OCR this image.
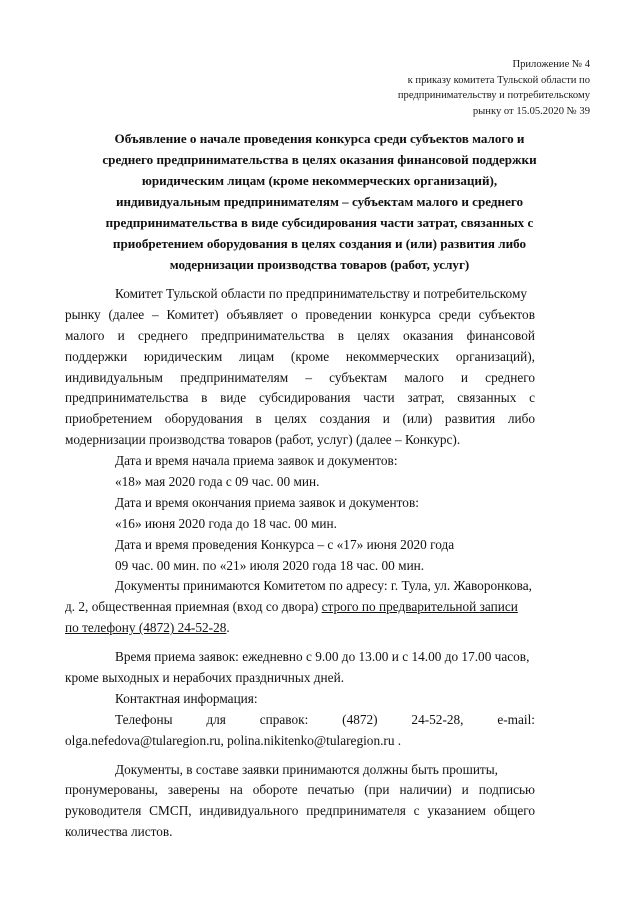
Приложение № 4
к приказу комитета Тульской области по
предпринимательству и потребительскому
рынку от 15.05.2020 № 39
Объявление о начале проведения конкурса среди субъектов малого и
среднего предпринимательства в целях оказания финансовой поддержки
юридическим лицам (кроме некоммерческих организаций),
индивидуальным предпринимателям – субъектам малого и среднего
предпринимательства в виде субсидирования части затрат, связанных с
приобретением оборудования в целях создания и (или) развития либо
модернизации производства товаров (работ, услуг)
Комитет Тульской области по предпринимательству и потребительскому
рынку (далее – Комитет) объявляет о проведении конкурса среди субъектов
малого и среднего предпринимательства в целях оказания финансовой
поддержки юридическим лицам (кроме некоммерческих организаций),
индивидуальным предпринимателям – субъектам малого и среднего
предпринимательства в виде субсидирования части затрат, связанных с
приобретением оборудования в целях создания и (или) развития либо
модернизации производства товаров (работ, услуг) (далее – Конкурс).
Дата и время начала приема заявок и документов:
«18» мая 2020 года с 09 час. 00 мин.
Дата и время окончания приема заявок и документов:
«16» июня 2020 года до 18 час. 00 мин.
Дата и время проведения Конкурса – с «17» июня 2020 года
09 час. 00 мин. по «21» июля 2020 года 18 час. 00 мин.
Документы принимаются Комитетом по адресу: г. Тула, ул. Жаворонкова,
д. 2, общественная приемная (вход со двора) строго по предварительной записи
по телефону (4872) 24-52-28.
Время приема заявок: ежедневно с 9.00 до 13.00 и с 14.00 до 17.00 часов,
кроме выходных и нерабочих праздничных дней.
Контактная информация:
Телефоны для справок: (4872) 24-52-28, e-mail:
olga.nefedova@tularegion.ru, polina.nikitenko@tularegion.ru .
Документы, в составе заявки принимаются должны быть прошиты,
пронумерованы, заверены на обороте печатью (при наличии) и подписью
руководителя СМСП, индивидуального предпринимателя с указанием общего
количества листов.
